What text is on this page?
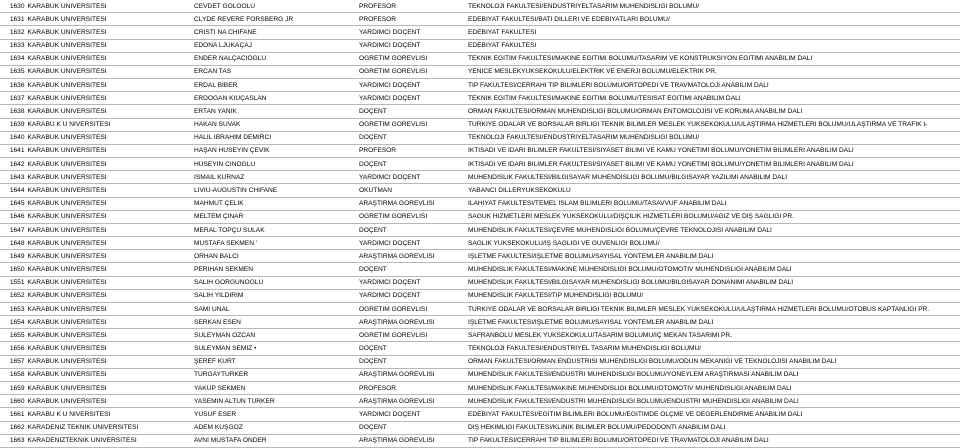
1630	KARABUK UNIVERSITESI	CEVDET GOLOOLU	PROFESOR	TEKNOLOJI FAKULTESI/ENDUSTRIYELTASARIM MUHENDISLIGI BOLUMU/
1631	KARABUK UNIVERSITESI	CLYDE REVERE FORSBERG JR	PROFESOR	EDEBIYAT FAKULTESI/BATI DILLERI VE EDEBIYATLARI BOLUMU/
1632	KARABUK UNIVERSITESI	CRISTI NA CHIFANE	YARDIMCI DOÇENT	EDEBIYAT FAKULTESI
1633	KARABUK UNIVERSITESI	EDONA LJUKAÇAJ	YARDIMCI DOÇENT	EDEBIYAT FAKULTESI
1634	KARABUK UNIVERSITESI	ENDER NALÇACIOGLU	OGRETIM GOREVLISI	TEKNIK EGITIM FAKULTESI/MAKINE EGITIMI BOLUMU/TASARIM VE KONSTRUKSIYON EGITIMI ANABILIM DALI
1635	KARABUK UNIVERSITESI	ERCAN TAS	OGRETIM GOREVLISI	YENICE MESLEKYUKSEKOKULU/ELEKTRIK VE ENERJI BOLUMU/ELEKTRIK PR.
1636	KARABUK UNIVERSITESI	ERDAL BIBER	YARDIMCI DOÇENT	TIP FAKULTESI/CERRAHI TIP BILIMLERI BOLUMU/ORTOPEDI VE TRAVMATOLOJI ANABILIM DALI
1637	KARABUK UNIVERSITESI	ERDOGAN KIUÇASLAN	YARDIMCI DOÇENT	TEKNIK EGITIM FAKULTESI/MAKINE EGITIMI BOLUMU/TESISAT EGITIMI ANABILIM DALI
1638	KARABUK UNIVERSITESI	ERTAN YANIK	DOÇENT	ORMAN FAKULTESI/ORMAN MUHENDISLIGI BOLUMU/ORMAN ENTOMOLOJISI VE KORUMA ANABILIM DALI
1639	KARABU K U NIVERSITESI	HAKAN SUVAK	OGRETIM GOREVLISI	TURKIYE ODALAR VE BORSALAR BIRLIGI TEKNIK BILIMLER MESLEK YUKSEKOKULU/ULAŞTIRMA HIZMETLERI BOLUMU/ULAŞTIRMA VE TRAFIK t-
1640	KARABUK UNIVERSITESI	HALIL IBRAHIM DEMIRCI	DOÇENT	TEKNOLOJI FAKULTESI/ENDUSTRIYELTASARIM MUHENDISLIGI BOLUMU/
1641	KARABUK UNIVERSITESI	HAŞAN HUSEYIN ÇEVIK	PROFESOR	IKTISADI VE IDARI BILIMLER FAKULTESI/SIYASET BILIMI VE KAMU YONETIMI BOLUMU/YONETIM BILIMLERI ANABILIM DALI
1642	KARABUK UNIVERSITESI	HUSEYIN CINOGLU	DOÇENT	IKTISADI VE IDARI BILIMLER FAKULTESI/SIYASET BILIMI VE KAMU YONETIMI BOLUMU/YONETIM BILIMLERI ANABILIM DALI
1643	KARABUK UNIVERSITESI	ISMAIL KURNAZ	YARDIMCI DOÇENT	MUHENDISLIK FAKULTESI/BILGISAYAR MUHENDISLIGI BOLUMU/BILGISAYAR YAZILIMI ANABILIM DALI
1644	KARABUK UNIVERSITESI	LIVIU-AUGUSTIN CHIFANE	OKUTMAN	YABANCI DILLERYUKSEKOKULU
1645	KARABUK UNIVERSITESI	MAHMUT ÇELIK	ARAŞTIRMA GOREVLISI	ILAHIYAT FAKULTESI/TEMEL ISLAM BILIMLERI BOLUMU/TASAVVUF ANABILIM DALI
1646	KARABUK UNIVERSITESI	MELTEM ÇINAR	OGRETIM GOREVLISI	SAGUK HIZMETLERI MESLEK YUKSEKOKULU/DIŞÇILIK HIZMETLERI BOLUMU/AGIZ VE DIŞ SAGLIGI PR.
1647	KARABUK UNIVERSITESI	MERAL TOPÇU SULAK	DOÇENT	MUHENDISLIK FAKULTESI/ÇEVRE MUHENDISLIGI BOLUMU/ÇEVRE TEKNOLOJISI ANABILIM DALI
1648	KARABUK UNIVERSITESI	MUSTAFA SEKMEN '	YARDIMCI DOÇENT	SAGLIK YUKSEKOKULU/IŞ SAGLIGI VE GUVENLIGI BOLUMU/
1649	KARABUK UNIVERSITESI	ORHAN BALCI	ARAŞTIRMA GOREVLISI	IŞLETME FAKULTESI/IŞLETME BOLUMU/SAYISAL YONTEMLER ANABILIM DALI
1650	KARABUK UNIVERSITESI	PERIHAN SEKMEN	DOÇENT	MUHENDISLIK FAKULTESI/MAKINE MUHENDISLIGI BOLUMU/OTOMOTIV MUHENDISLIGI ANABILIM DALI
1551	KARABUK UNIVERSITESI	SALIH GORGUNOGLU	YARDIMCI DOÇENT	MUHENDISLIK FAKULTESI/BILGISAYAR MUHENDISLIGI BOLUMU/BILGISAYAR DONANIMI ANABILIM DALI
1652	KARABUK UNIVERSITESI	SALIH YILDIRIM	YARDIMCI DOÇENT	MUHENDISLIK FAKULTESI/TIP MUHENDISLIGI BOLUMU/
1653	KARABUK UNIVERSITESI	SAMI UNAL	OGRETIM GOREVLISI	TURKIYE ODALAR VE BORSALAR BIRLIGI TEKNIK BILIMLER MESLEK YUKSEKOKULU/ULAŞTIRMA HIZMETLERI BOLUMU/OTOBUS KAPTANLIGI PR.
1654	KARABUK UNIVERSITESI	SERKAN ESEN	ARAŞTIRMA GOREVLISI	IŞLETME FAKULTESI/IŞLETME BOLUMU/SAYISAL YONTEMLER ANABILIM DALI
1655	KARABUK UNIVERSITESI	SULEYMAN OZCAN	OGRETIM GOREVLISI	SAFRANBOLU MESLEK YUKSEKOKULU/TASARIM BOLUMU/IÇ MEKAN TASARIMI PR.
1656	KARABUK UNIVERSITESI	SULEYMAN SEMIZ •	DOÇENT	TEKNOLOJI FAKULTESI/ENDUSTRIYEL TASARIM MUHENDISLIGI BOLUMU/
1657	KARABUK UNIVERSITESI	ŞEREF KURT	DOÇENT	ORMAN FAKULTESI/ORMAN ENDUSTRISI MUHENDISLIGI BOLUMU/ODUN MEKANIGI VE TEKNOLOJISI ANABILIM DALI
1658	KARABUK UNIVERSITESI	TURGAYTURKER	ARAŞTIRMA GOREVLISI	MUHENDISLIK FAKULTESI/ENDUSTRI MUHENDISLIGI BOLUMU/YONEYLEM ARAŞTIRMASI ANABILIM DALI
1659	KARABUK UNIVERSITESI	YAKUP SEKMEN	PROFESOR	MUHENDISLIK FAKULTESI/MAKINE MUHENDISLIGI BOLUMU/OTOMOTIV MUHENDISLIGI ANABILIM DALI
1660	KARABUK UNIVERSITESI	YASEMIN ALTUN TURKER	ARAŞTIRMA GOREVLISI	MUHENDISLIK FAKULTESI/ENDUSTRI MUHENDISLIGI BOLUMU/ENDUSTRI MUHENDISLIGI ANABILIM DALI
1661	KARABU K U NIVERSITESI	YUSUF ESER	YARDIMCI DOÇENT	EDEBIYAT FAKULTESI/EGITIM BILIMLERI BOLUMU/EGITIMDE OLÇME VE DEGERLENDIRME ANABILIM DALI
1662	KARADENIZ TEKNIK UNIVERSITESI	ADEM KUŞGOZ	DOÇENT	DIŞ HEKIMLIGI FAKULTESI/KLINIK BILIMLER BOLUMU/PEDODONTI ANABILIM DALI
1663	KARADENIZTEKNIK UNIVERSITESI	AVNI MUSTAFA ONDER	ARAŞTIRMA GOREVLISI	TIP FAKULTESI/CERRAHI TIP BILIMLERI BOLUMU/ORTOPEDI VE TRAVMATOLOJI ANABILIM DALI
